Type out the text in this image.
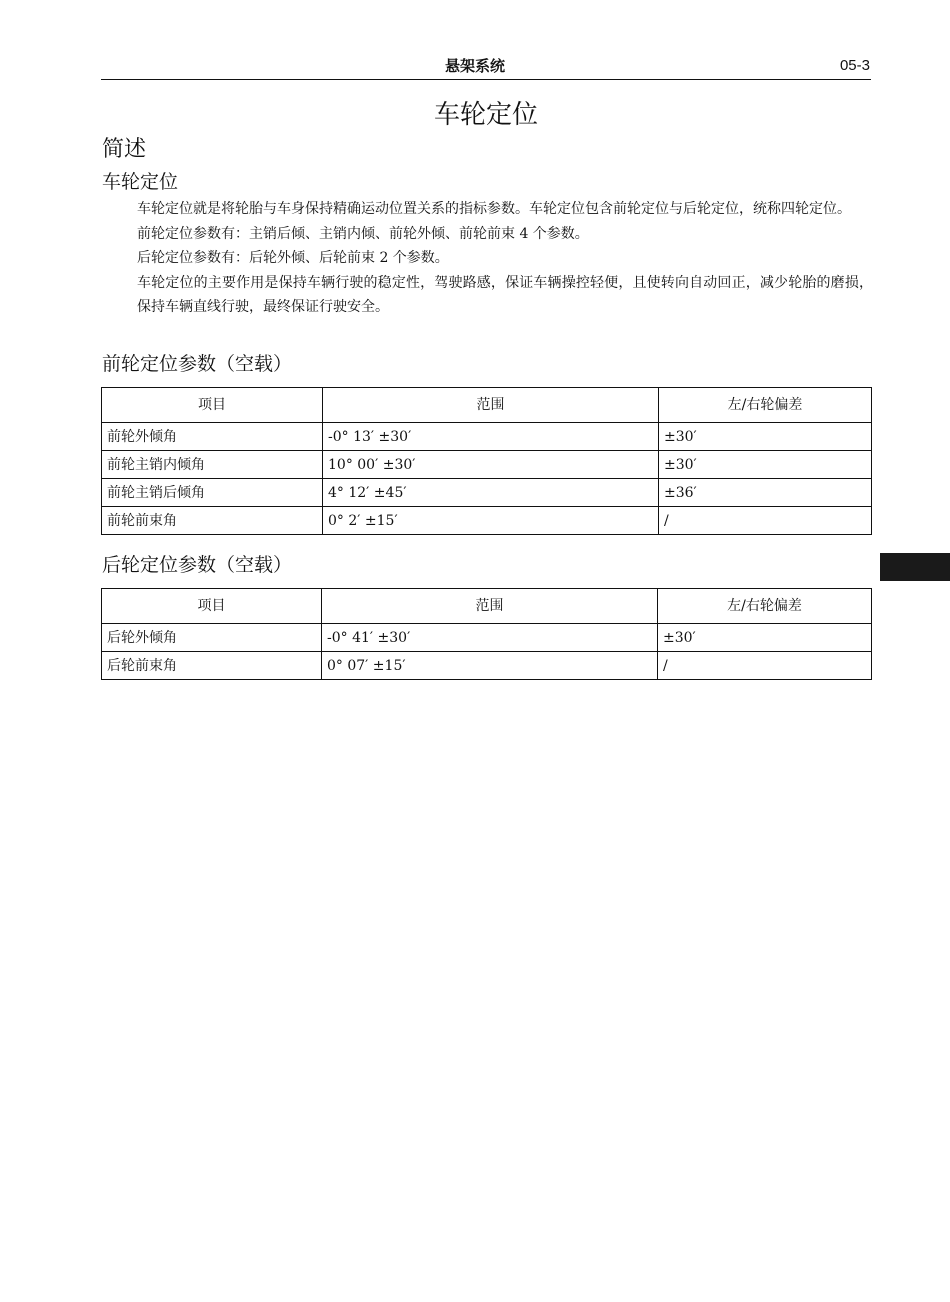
悬架系统	05-3
车轮定位
简述
车轮定位

车轮定位就是将轮胎与车身保持精确运动位置关系的指标参数。车轮定位包含前轮定位与后轮定位，统称四轮定位。

前轮定位参数有：主销后倾、主销内倾、前轮外倾、前轮前束 4 个参数。

后轮定位参数有：后轮外倾、后轮前束 2 个参数。

车轮定位的主要作用是保持车辆行驶的稳定性，驾驶路感，保证车辆操控轻便，且使转向自动回正，减少轮胎的磨损，保持车辆直线行驶，最终保证行驶安全。

前轮定位参数（空载）
项目	范围	左/右轮偏差
前轮外倾角	-0° 13′ ±30′	±30′
前轮主销内倾角	10° 00′ ±30′	±30′
前轮主销后倾角	4° 12′ ±45′	±36′
前轮前束角	0° 2′ ±15′	/
后轮定位参数（空载）
项目	范围	左/右轮偏差
后轮外倾角	-0° 41′ ±30′	±30′
后轮前束角	0° 07′ ±15′	/
